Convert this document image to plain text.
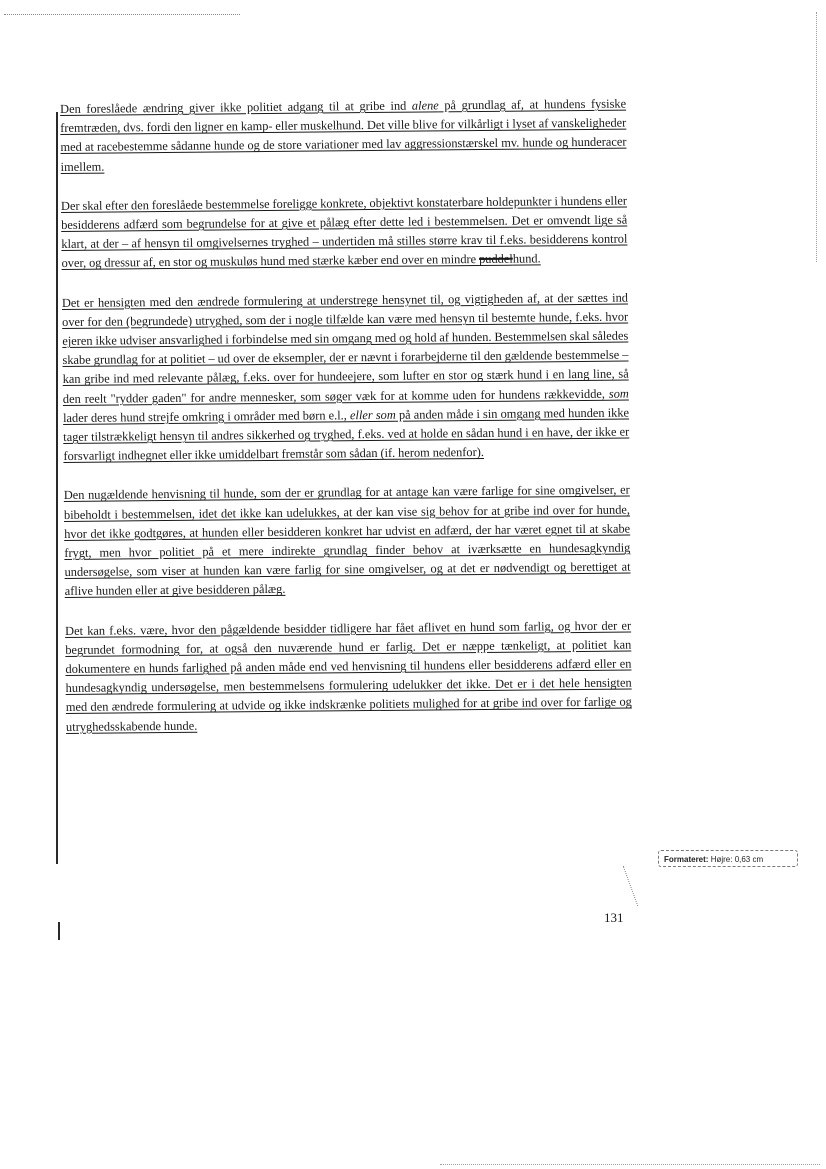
Den foreslåede ændring giver ikke politiet adgang til at gribe ind alene på grundlag af, at hundens fysiske fremtræden, dvs. fordi den ligner en kamp- eller muskelhund. Det ville blive for vilkårligt i lyset af vanskeligheder med at racebestemme sådanne hunde og de store variationer med lav aggressionstærskel mv. hunde og hunderacer imellem.

Der skal efter den foreslåede bestemmelse foreligge konkrete, objektivt konstaterbare holdepunkter i hundens eller besidderens adfærd som begrundelse for at give et pålæg efter dette led i bestemmelsen. Det er omvendt lige så klart, at der – af hensyn til omgivelsernes tryghed – undertiden må stilles større krav til f.eks. besidderens kontrol over, og dressur af, en stor og muskuløs hund med stærke kæber end over en mindre puddelhund.

Det er hensigten med den ændrede formulering at understrege hensynet til, og vigtigheden af, at der sættes ind over for den (begrundede) utryghed, som der i nogle tilfælde kan være med hensyn til bestemte hunde, f.eks. hvor ejeren ikke udviser ansvarlighed i forbindelse med sin omgang med og hold af hunden. Bestemmelsen skal således skabe grundlag for at politiet – ud over de eksempler, der er nævnt i forarbejderne til den gældende bestemmelse – kan gribe ind med relevante pålæg, f.eks. over for hundeejere, som lufter en stor og stærk hund i en lang line, så den reelt "rydder gaden" for andre mennesker, som søger væk for at komme uden for hundens rækkevidde, som lader deres hund strejfe omkring i områder med børn e.l., eller som på anden måde i sin omgang med hunden ikke tager tilstrækkeligt hensyn til andres sikkerhed og tryghed, f.eks. ved at holde en sådan hund i en have, der ikke er forsvarligt indhegnet eller ikke umiddelbart fremstår som sådan (if. herom nedenfor).

Den nugældende henvisning til hunde, som der er grundlag for at antage kan være farlige for sine omgivelser, er bibeholdt i bestemmelsen, idet det ikke kan udelukkes, at der kan vise sig behov for at gribe ind over for hunde, hvor det ikke godtgøres, at hunden eller besidderen konkret har udvist en adfærd, der har været egnet til at skabe frygt, men hvor politiet på et mere indirekte grundlag finder behov at iværksætte en hundesagkyndig undersøgelse, som viser at hunden kan være farlig for sine omgivelser, og at det er nødvendigt og berettiget at aflive hunden eller at give besidderen pålæg.

Det kan f.eks. være, hvor den pågældende besidder tidligere har fået aflivet en hund som farlig, og hvor der er begrundet formodning for, at også den nuværende hund er farlig. Det er næppe tænkeligt, at politiet kan dokumentere en hunds farlighed på anden måde end ved henvisning til hundens eller besidderens adfærd eller en hundesagkyndig undersøgelse, men bestemmelsens formulering udelukker det ikke. Det er i det hele hensigten med den ændrede formulering at udvide og ikke indskrænke politiets mulighed for at gribe ind over for farlige og utryghedsskabende hunde.

Formateret: Højre: 0,63 cm
131
